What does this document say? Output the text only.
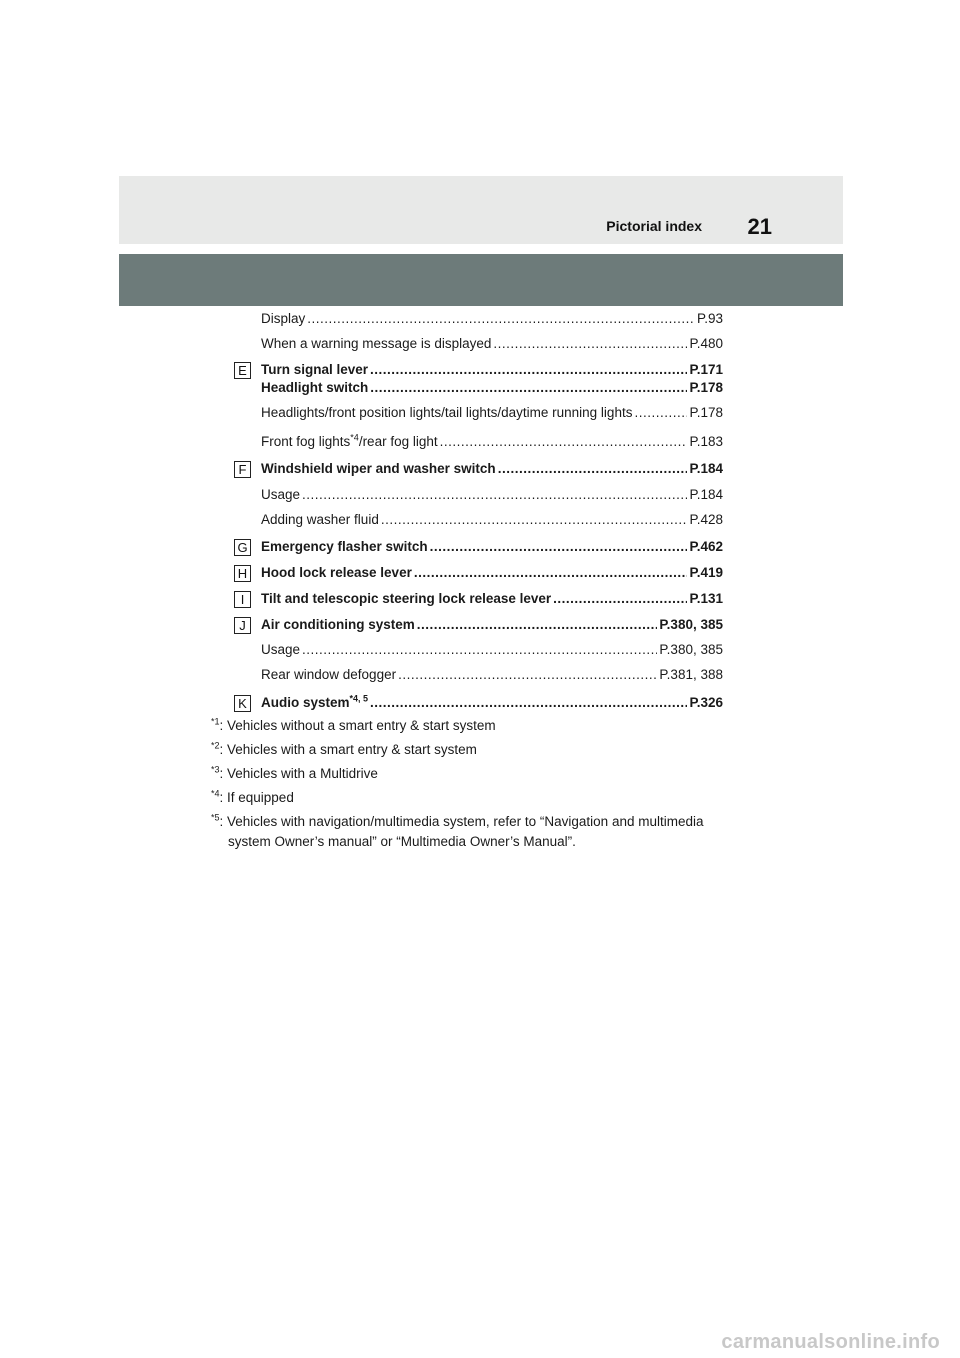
21
Pictorial index
Display .....	P.93
When a warning message is displayed .....	P.480
E	Turn signal lever .....	P.171
Headlight switch .....	P.178
Headlights/front position lights/tail lights/daytime running lights .....	P.178
Front fog lights$^{*4}$/rear fog light .....	P.183
F	Windshield wiper and washer switch .....	P.184
Usage .....	P.184
Adding washer fluid .....	P.428
G Emergency flasher switch .....	P.462
H Hood lock release lever .....	P.419
I	Tilt and telescopic steering lock release lever .....	P.131
J	Air conditioning system .....	P.380, 385
Usage .....	P.380, 385
Rear window defogger .....	P.381, 388
K	Audio system$^{*4, 5}$ .....	P.326
$^{*1}$: Vehicles without a smart entry & start system
$^{*2}$: Vehicles with a smart entry & start system
$^{*3}$: Vehicles with a Multidrive
$^{*4}$: If equipped
$^{*5}$: Vehicles with navigation/multimedia system, refer to “Navigation and multimedia
system Owner’s manual” or “Multimedia Owner’s Manual”.
carmanualsonline.info
